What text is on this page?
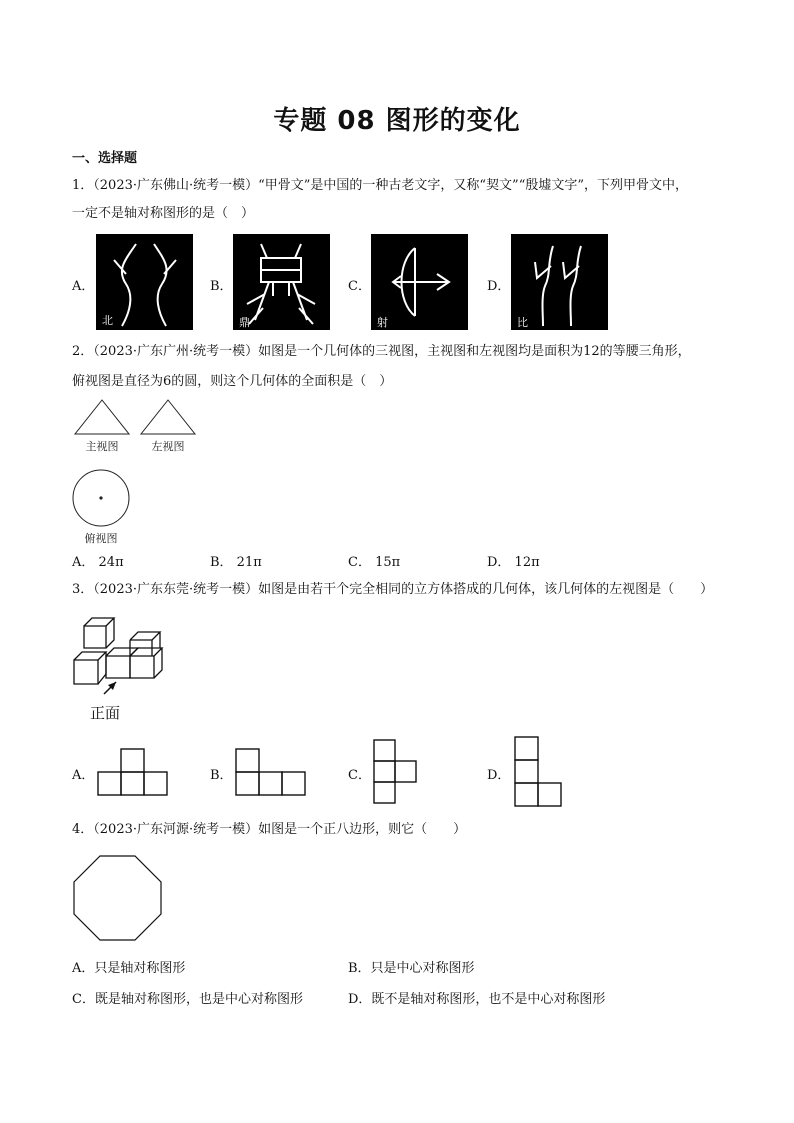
专题 08 图形的变化
一、选择题
1．（2023·广东佛山·统考一模）“甲骨文”是中国的一种古老文字，又称“契文”“殷墟文字”，下列甲骨文中，
一定不是轴对称图形的是（　）
A．
北
B．
鼎
C．
射
D．
比
2．（2023·广东广州·统考一模）如图是一个几何体的三视图，主视图和左视图均是面积为12的等腰三角形，
俯视图是直径为6的圆，则这个几何体的全面积是（　）
主视图	左视图
俯视图
A． 24π	B． 21π	C． 15π	D． 12π
3．（2023·广东东莞·统考一模）如图是由若干个完全相同的立方体搭成的几何体，该几何体的左视图是（　　）
正面
A．	B．	C．	D．
4．（2023·广东河源·统考一模）如图是一个正八边形，则它（　　）
A．只是轴对称图形	B．只是中心对称图形
C．既是轴对称图形，也是中心对称图形	D．既不是轴对称图形，也不是中心对称图形
